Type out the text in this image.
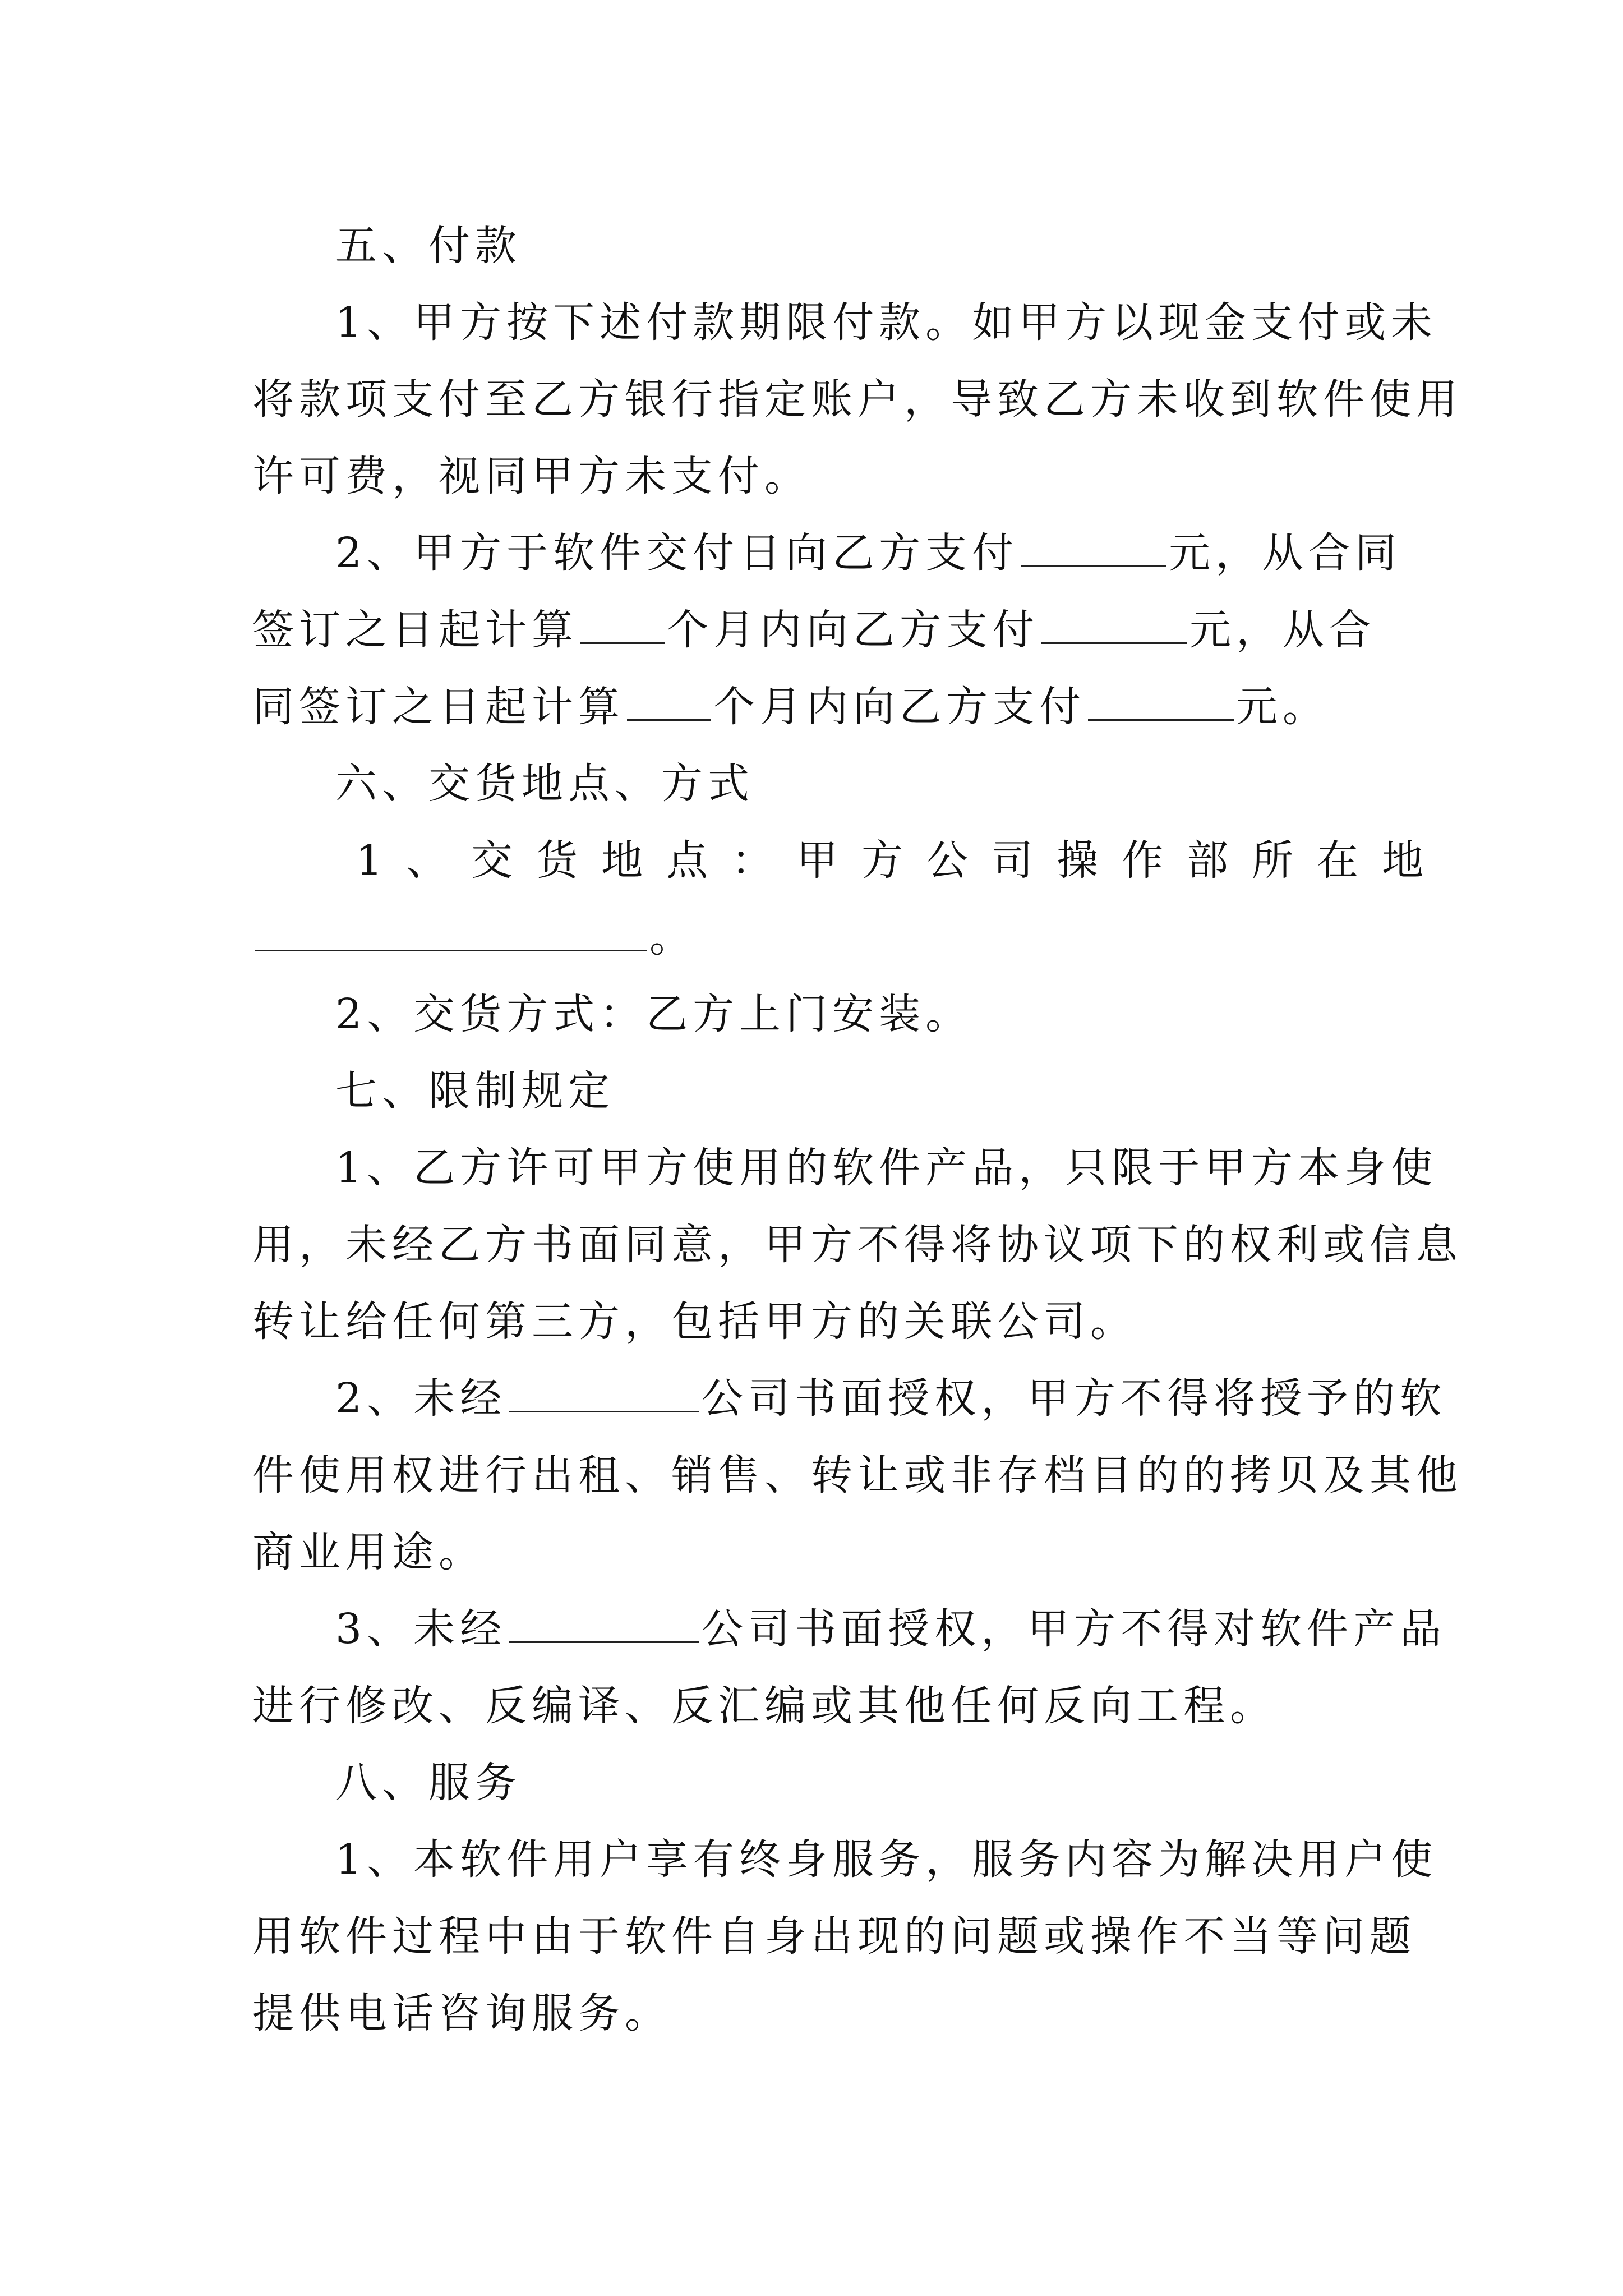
五、付款
1、甲方按下述付款期限付款。如甲方以现金支付或未
将款项支付至乙方银行指定账户，导致乙方未收到软件使用
许可费，视同甲方未支付。
2、甲方于软件交付日向乙方支付	元，从合同
签订之日起计算 个月内向乙方支付	元，从合
同签订之日起计算 个月内向乙方支付	元。
六、交货地点、方式
1、交货地点：甲方公司操作部所在地
。
2、交货方式：乙方上门安装。
七、限制规定
1、乙方许可甲方使用的软件产品，只限于甲方本身使
用，未经乙方书面同意，甲方不得将协议项下的权利或信息
转让给任何第三方，包括甲方的关联公司。
2、未经	公司书面授权，甲方不得将授予的软
件使用权进行出租、销售、转让或非存档目的的拷贝及其他
商业用途。
3、未经	公司书面授权，甲方不得对软件产品
进行修改、反编译、反汇编或其他任何反向工程。
八、服务
1、本软件用户享有终身服务，服务内容为解决用户使
用软件过程中由于软件自身出现的问题或操作不当等问题
提供电话咨询服务。
